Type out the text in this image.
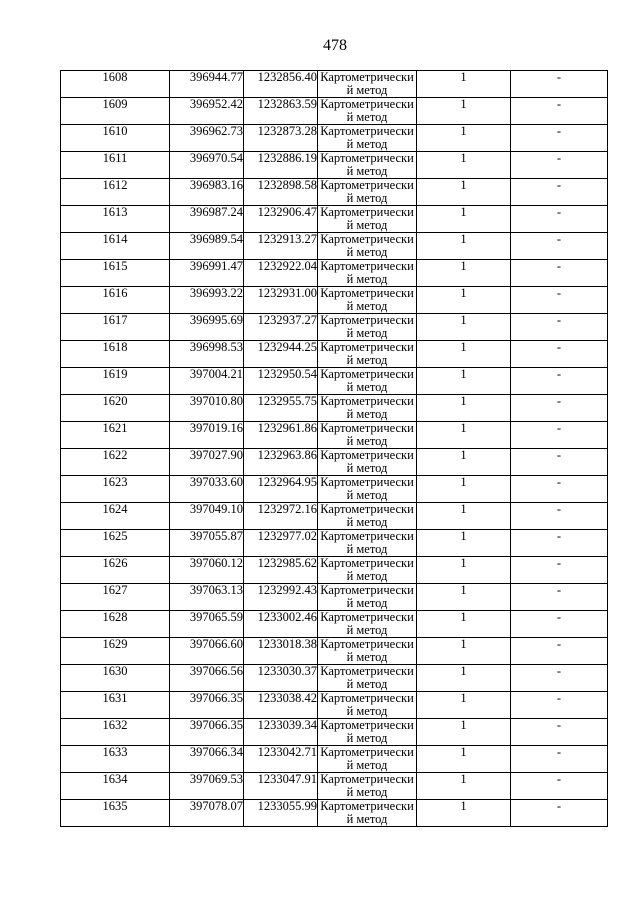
478
1608	396944.77	1232856.40	Картометрический метод	1	-
1609	396952.42	1232863.59	Картометрический метод	1	-
1610	396962.73	1232873.28	Картометрический метод	1	-
1611	396970.54	1232886.19	Картометрический метод	1	-
1612	396983.16	1232898.58	Картометрический метод	1	-
1613	396987.24	1232906.47	Картометрический метод	1	-
1614	396989.54	1232913.27	Картометрический метод	1	-
1615	396991.47	1232922.04	Картометрический метод	1	-
1616	396993.22	1232931.00	Картометрический метод	1	-
1617	396995.69	1232937.27	Картометрический метод	1	-
1618	396998.53	1232944.25	Картометрический метод	1	-
1619	397004.21	1232950.54	Картометрический метод	1	-
1620	397010.80	1232955.75	Картометрический метод	1	-
1621	397019.16	1232961.86	Картометрический метод	1	-
1622	397027.90	1232963.86	Картометрический метод	1	-
1623	397033.60	1232964.95	Картометрический метод	1	-
1624	397049.10	1232972.16	Картометрический метод	1	-
1625	397055.87	1232977.02	Картометрический метод	1	-
1626	397060.12	1232985.62	Картометрический метод	1	-
1627	397063.13	1232992.43	Картометрический метод	1	-
1628	397065.59	1233002.46	Картометрический метод	1	-
1629	397066.60	1233018.38	Картометрический метод	1	-
1630	397066.56	1233030.37	Картометрический метод	1	-
1631	397066.35	1233038.42	Картометрический метод	1	-
1632	397066.35	1233039.34	Картометрический метод	1	-
1633	397066.34	1233042.71	Картометрический метод	1	-
1634	397069.53	1233047.91	Картометрический метод	1	-
1635	397078.07	1233055.99	Картометрический метод	1	-
